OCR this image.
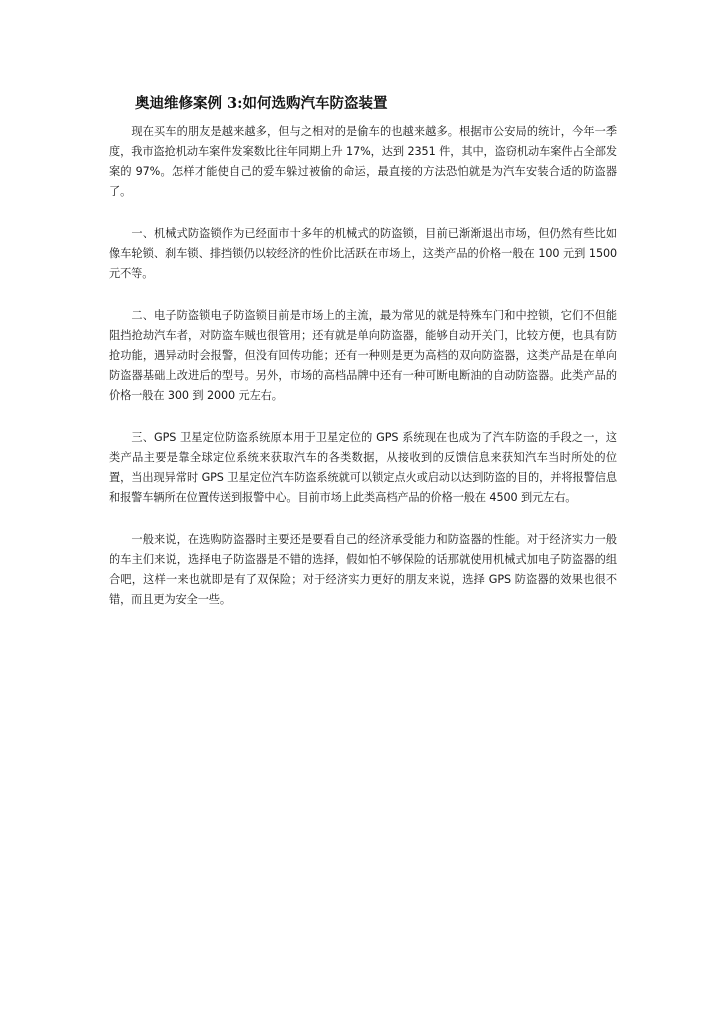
奥迪维修案例 3:如何选购汽车防盗装置

现在买车的朋友是越来越多，但与之相对的是偷车的也越来越多。根据市公安局的统计，今年一季度，我市盗抢机动车案件发案数比往年同期上升 17%，达到 2351 件，其中，盗窃机动车案件占全部发案的 97%。怎样才能使自己的爱车躲过被偷的命运，最直接的方法恐怕就是为汽车安装合适的防盗器了。

一、机械式防盗锁作为已经面市十多年的机械式的防盗锁，目前已渐渐退出市场，但仍然有些比如像车轮锁、刹车锁、排挡锁仍以较经济的性价比活跃在市场上，这类产品的价格一般在 100 元到 1500 元不等。

二、电子防盗锁电子防盗锁目前是市场上的主流，最为常见的就是特殊车门和中控锁，它们不但能阻挡抢劫汽车者，对防盗车贼也很管用；还有就是单向防盗器，能够自动开关门，比较方便，也具有防抢功能，遇异动时会报警，但没有回传功能；还有一种则是更为高档的双向防盗器，这类产品是在单向防盗器基础上改进后的型号。另外，市场的高档品牌中还有一种可断电断油的自动防盗器。此类产品的价格一般在 300 到 2000 元左右。

三、GPS 卫星定位防盗系统原本用于卫星定位的 GPS 系统现在也成为了汽车防盗的手段之一，这类产品主要是靠全球定位系统来获取汽车的各类数据，从接收到的反馈信息来获知汽车当时所处的位置，当出现异常时 GPS 卫星定位汽车防盗系统就可以锁定点火或启动以达到防盗的目的，并将报警信息和报警车辆所在位置传送到报警中心。目前市场上此类高档产品的价格一般在 4500 到元左右。

一般来说，在选购防盗器时主要还是要看自己的经济承受能力和防盗器的性能。对于经济实力一般的车主们来说，选择电子防盗器是不错的选择，假如怕不够保险的话那就使用机械式加电子防盗器的组合吧，这样一来也就即是有了双保险；对于经济实力更好的朋友来说，选择 GPS 防盗器的效果也很不错，而且更为安全一些。
